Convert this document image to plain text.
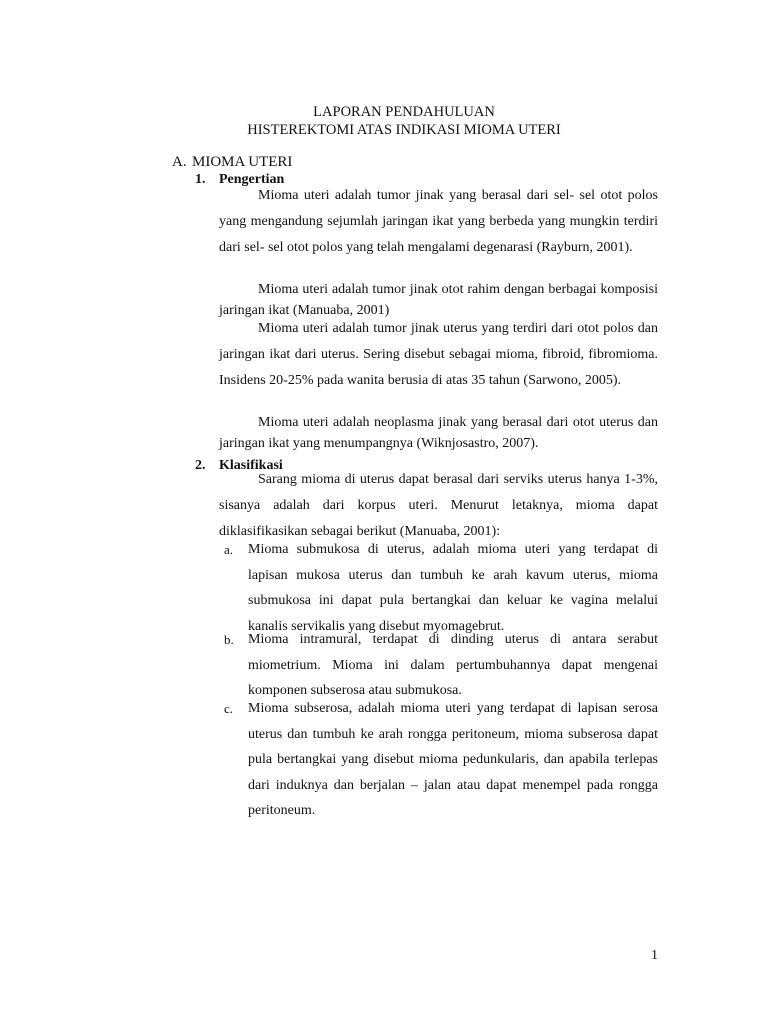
LAPORAN PENDAHULUAN
HISTEREKTOMI ATAS INDIKASI MIOMA UTERI
A. MIOMA UTERI
1. Pengertian

Mioma uteri adalah tumor jinak yang berasal dari sel- sel otot polos yang mengandung sejumlah jaringan ikat yang berbeda yang mungkin terdiri dari sel- sel otot polos yang telah mengalami degenarasi (Rayburn, 2001).

Mioma uteri adalah tumor jinak otot rahim dengan berbagai komposisi jaringan ikat (Manuaba, 2001)

Mioma uteri adalah tumor jinak uterus yang terdiri dari otot polos dan jaringan ikat dari uterus. Sering disebut sebagai mioma, fibroid, fibromioma. Insidens 20-25% pada wanita berusia di atas 35 tahun (Sarwono, 2005).

Mioma uteri adalah neoplasma jinak yang berasal dari otot uterus dan jaringan ikat yang menumpangnya (Wiknjosastro, 2007).

2. Klasifikasi

Sarang mioma di uterus dapat berasal dari serviks uterus hanya 1-3%, sisanya adalah dari korpus uteri. Menurut letaknya, mioma dapat diklasifikasikan sebagai berikut (Manuaba, 2001):

a. Mioma submukosa di uterus, adalah mioma uteri yang terdapat di lapisan mukosa uterus dan tumbuh ke arah kavum uterus, mioma submukosa ini dapat pula bertangkai dan keluar ke vagina melalui kanalis servikalis yang disebut myomagebrut.

b. Mioma intramural, terdapat di dinding uterus di antara serabut miometrium. Mioma ini dalam pertumbuhannya dapat mengenai komponen subserosa atau submukosa.

c. Mioma subserosa, adalah mioma uteri yang terdapat di lapisan serosa uterus dan tumbuh ke arah rongga peritoneum, mioma subserosa dapat pula bertangkai yang disebut mioma pedunkularis, dan apabila terlepas dari induknya dan berjalan – jalan atau dapat menempel pada rongga peritoneum.

1
